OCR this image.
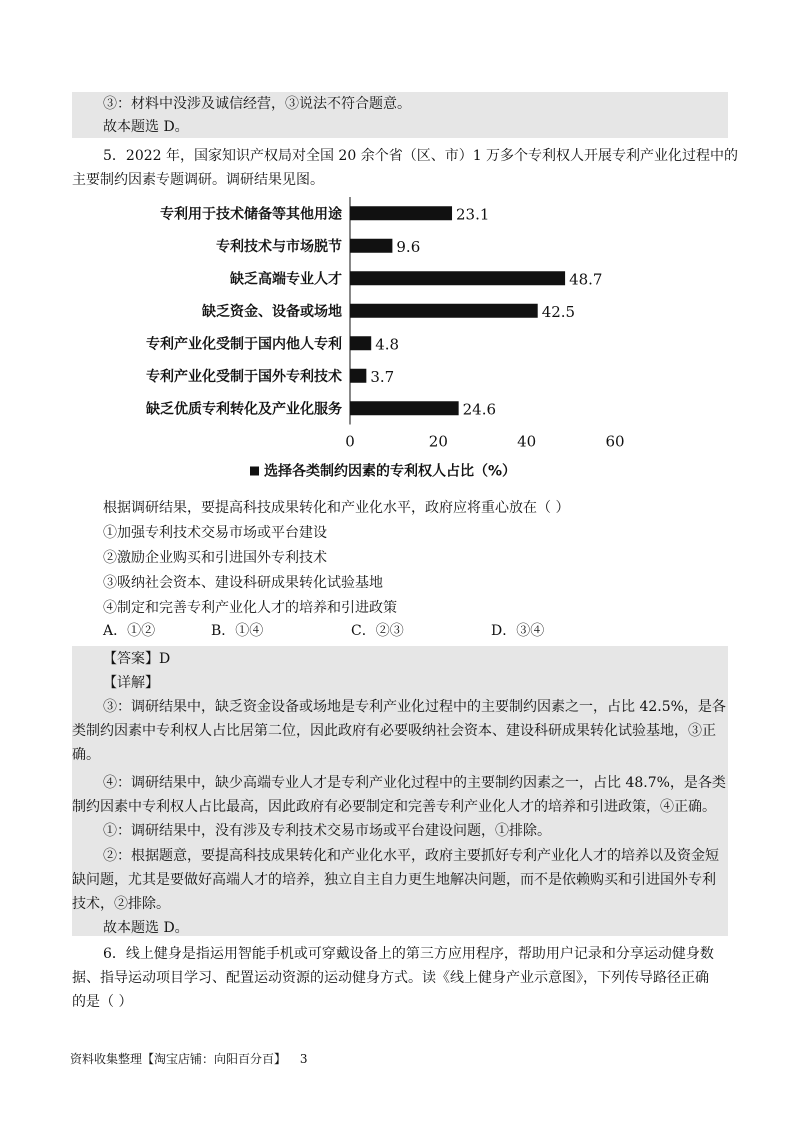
③：材料中没涉及诚信经营，③说法不符合题意。
故本题选 D。
5．2022 年，国家知识产权局对全国 20 余个省（区、市）1 万多个专利权人开展专利产业化过程中的
主要制约因素专题调研。调研结果见图。
专利用于技术储备等其他用途	23.1
专利技术与市场脱节	9.6
缺乏高端专业人才	48.7
缺乏资金、设备或场地	42.5
专利产业化受制于国内他人专利 4.8
专利产业化受制于国外专利技术 3.7
缺乏优质专利转化及产业化服务	24.6
0	20	40	60
选择各类制约因素的专利权人占比（%）
根据调研结果，要提高科技成果转化和产业化水平，政府应将重心放在（ ）
①加强专利技术交易市场或平台建设
②激励企业购买和引进国外专利技术
③吸纳社会资本、建设科研成果转化试验基地
④制定和完善专利产业化人才的培养和引进政策
A．①②	B．①④	C．②③	D．③④
【答案】D
【详解】
③：调研结果中，缺乏资金设备或场地是专利产业化过程中的主要制约因素之一，占比 42.5%，是各
类制约因素中专利权人占比居第二位，因此政府有必要吸纳社会资本、建设科研成果转化试验基地，③正
确。
④：调研结果中，缺少高端专业人才是专利产业化过程中的主要制约因素之一，占比 48.7%，是各类
制约因素中专利权人占比最高，因此政府有必要制定和完善专利产业化人才的培养和引进政策，④正确。
①：调研结果中，没有涉及专利技术交易市场或平台建设问题，①排除。
②：根据题意，要提高科技成果转化和产业化水平，政府主要抓好专利产业化人才的培养以及资金短
缺问题，尤其是要做好高端人才的培养，独立自主自力更生地解决问题，而不是依赖购买和引进国外专利
技术，②排除。
故本题选 D。
6．线上健身是指运用智能手机或可穿戴设备上的第三方应用程序，帮助用户记录和分享运动健身数
据、指导运动项目学习、配置运动资源的运动健身方式。读《线上健身产业示意图》，下列传导路径正确
的是（ ）
资料收集整理【淘宝店铺：向阳百分百】 3
